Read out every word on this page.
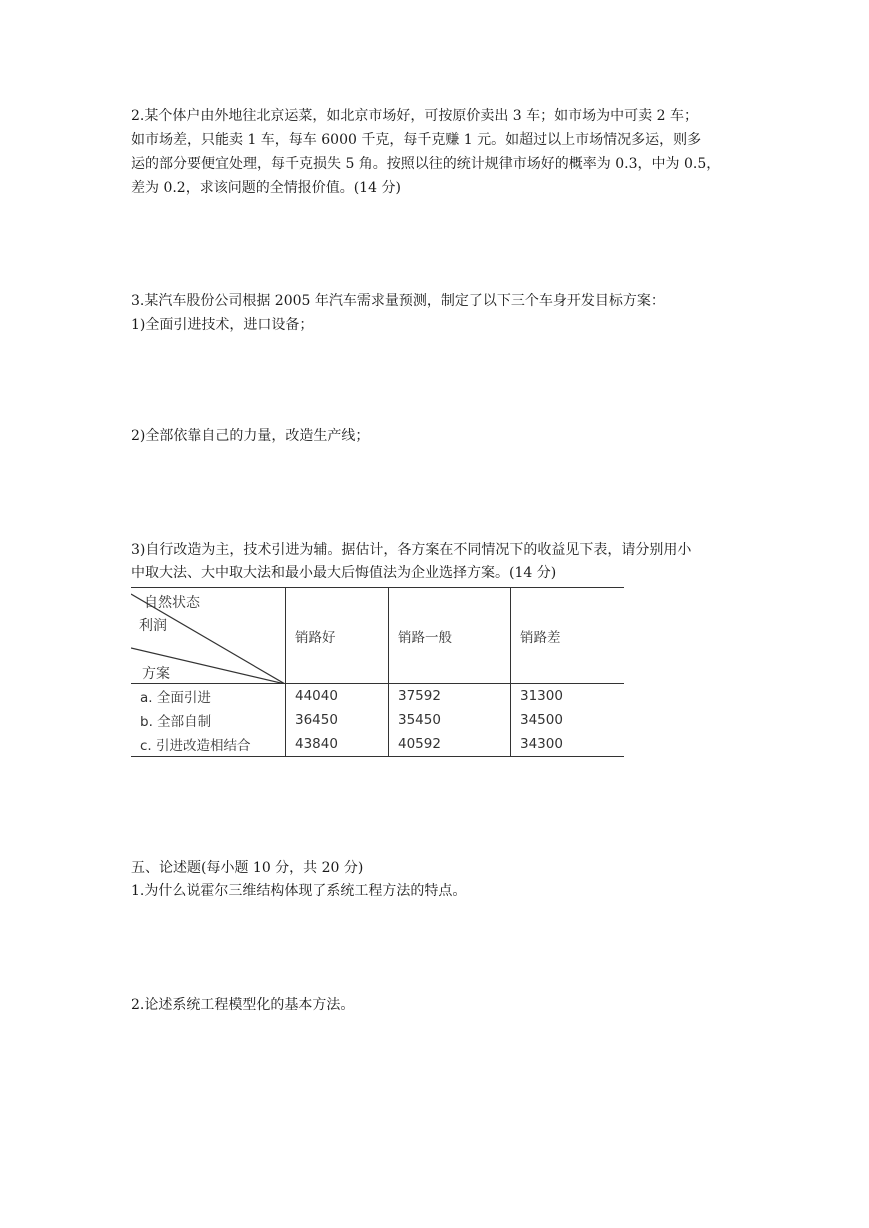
2.某个体户由外地往北京运菜，如北京市场好，可按原价卖出 3 车；如市场为中可卖 2 车；

如市场差，只能卖 1 车，每车 6000 千克，每千克赚 1 元。如超过以上市场情况多运，则多

运的部分要便宜处理，每千克损失 5 角。按照以往的统计规律市场好的概率为 0.3，中为 0.5，

差为 0.2，求该问题的全情报价值。(14 分)

3.某汽车股份公司根据 2005 年汽车需求量预测，制定了以下三个车身开发目标方案：

1)全面引进技术，进口设备；

2)全部依靠自己的力量，改造生产线；

3)自行改造为主，技术引进为辅。据估计，各方案在不同情况下的收益见下表，请分别用小

中取大法、大中取大法和最小最大后悔值法为企业选择方案。(14 分)

自然状态
利润
方案	销路好	销路一般	销路差
a. 全面引进	44040	37592	31300
b. 全部自制	36450	35450	34500
c. 引进改造相结合	43840	40592	34300

五、论述题(每小题 10 分，共 20 分)

1.为什么说霍尔三维结构体现了系统工程方法的特点。

2.论述系统工程模型化的基本方法。
